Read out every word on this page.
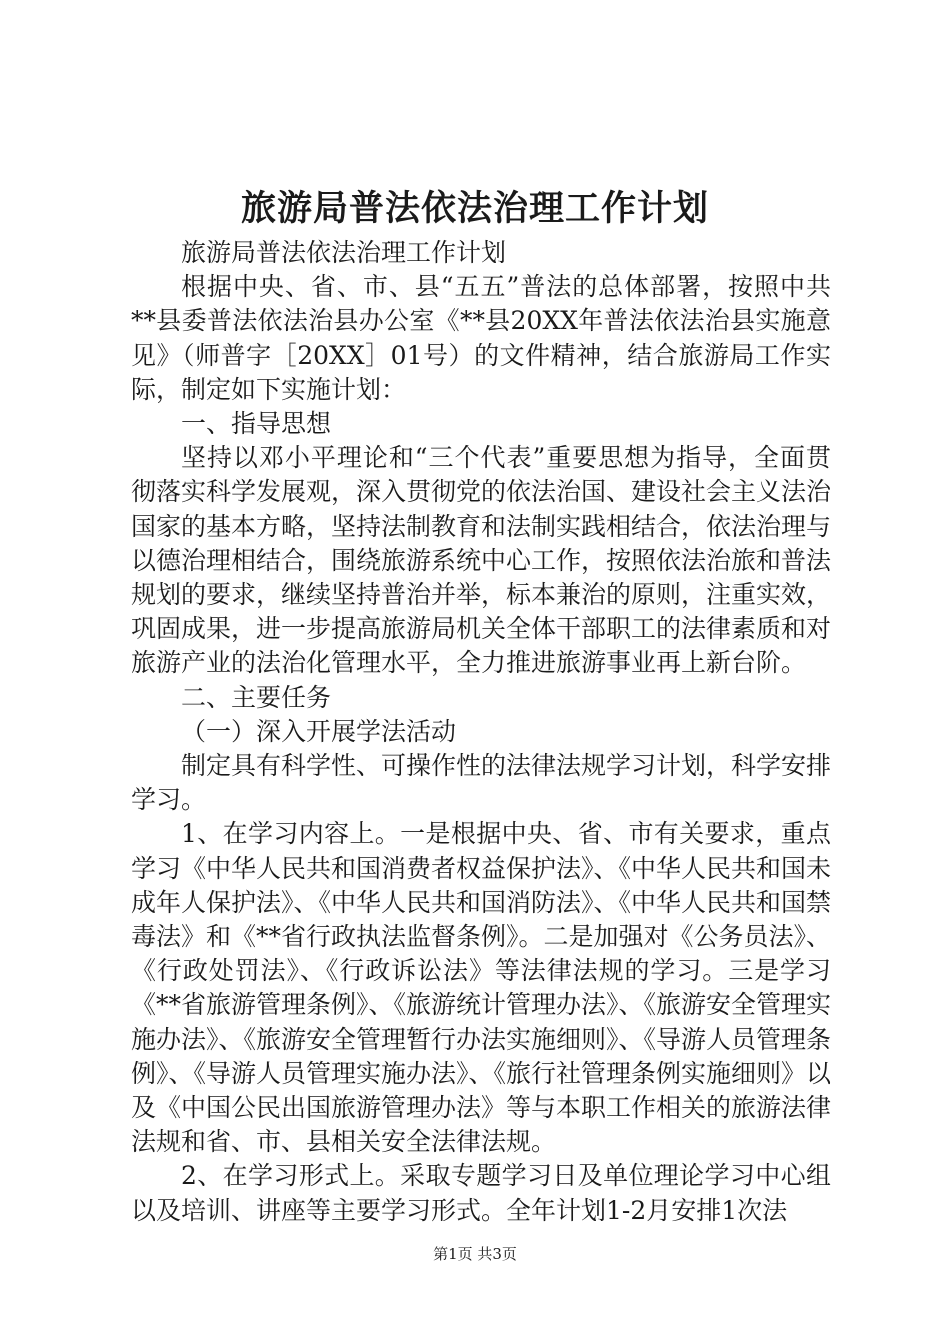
旅游局普法依法治理工作计划

旅游局普法依法治理工作计划

根据中央、省、市、县“五五”普法的总体部署，按照中共**县委普法依法治县办公室《**县20XX年普法依法治县实施意见》（师普字［20XX］01号）的文件精神，结合旅游局工作实际，制定如下实施计划：

一、指导思想

坚持以邓小平理论和“三个代表”重要思想为指导，全面贯彻落实科学发展观，深入贯彻党的依法治国、建设社会主义法治国家的基本方略，坚持法制教育和法制实践相结合，依法治理与以德治理相结合，围绕旅游系统中心工作，按照依法治旅和普法规划的要求，继续坚持普治并举，标本兼治的原则，注重实效，巩固成果，进一步提高旅游局机关全体干部职工的法律素质和对旅游产业的法治化管理水平，全力推进旅游事业再上新台阶。

二、主要任务

（一）深入开展学法活动

制定具有科学性、可操作性的法律法规学习计划，科学安排学习。

1、在学习内容上。一是根据中央、省、市有关要求，重点学习《中华人民共和国消费者权益保护法》、《中华人民共和国未成年人保护法》、《中华人民共和国消防法》、《中华人民共和国禁毒法》和《**省行政执法监督条例》。二是加强对《公务员法》、《行政处罚法》、《行政诉讼法》等法律法规的学习。三是学习《**省旅游管理条例》、《旅游统计管理办法》、《旅游安全管理实施办法》、《旅游安全管理暂行办法实施细则》、《导游人员管理条例》、《导游人员管理实施办法》、《旅行社管理条例实施细则》以及《中国公民出国旅游管理办法》等与本职工作相关的旅游法律法规和省、市、县相关安全法律法规。

2、在学习形式上。采取专题学习日及单位理论学习中心组以及培训、讲座等主要学习形式。全年计划1-2月安排1次法

第1页 共3页
